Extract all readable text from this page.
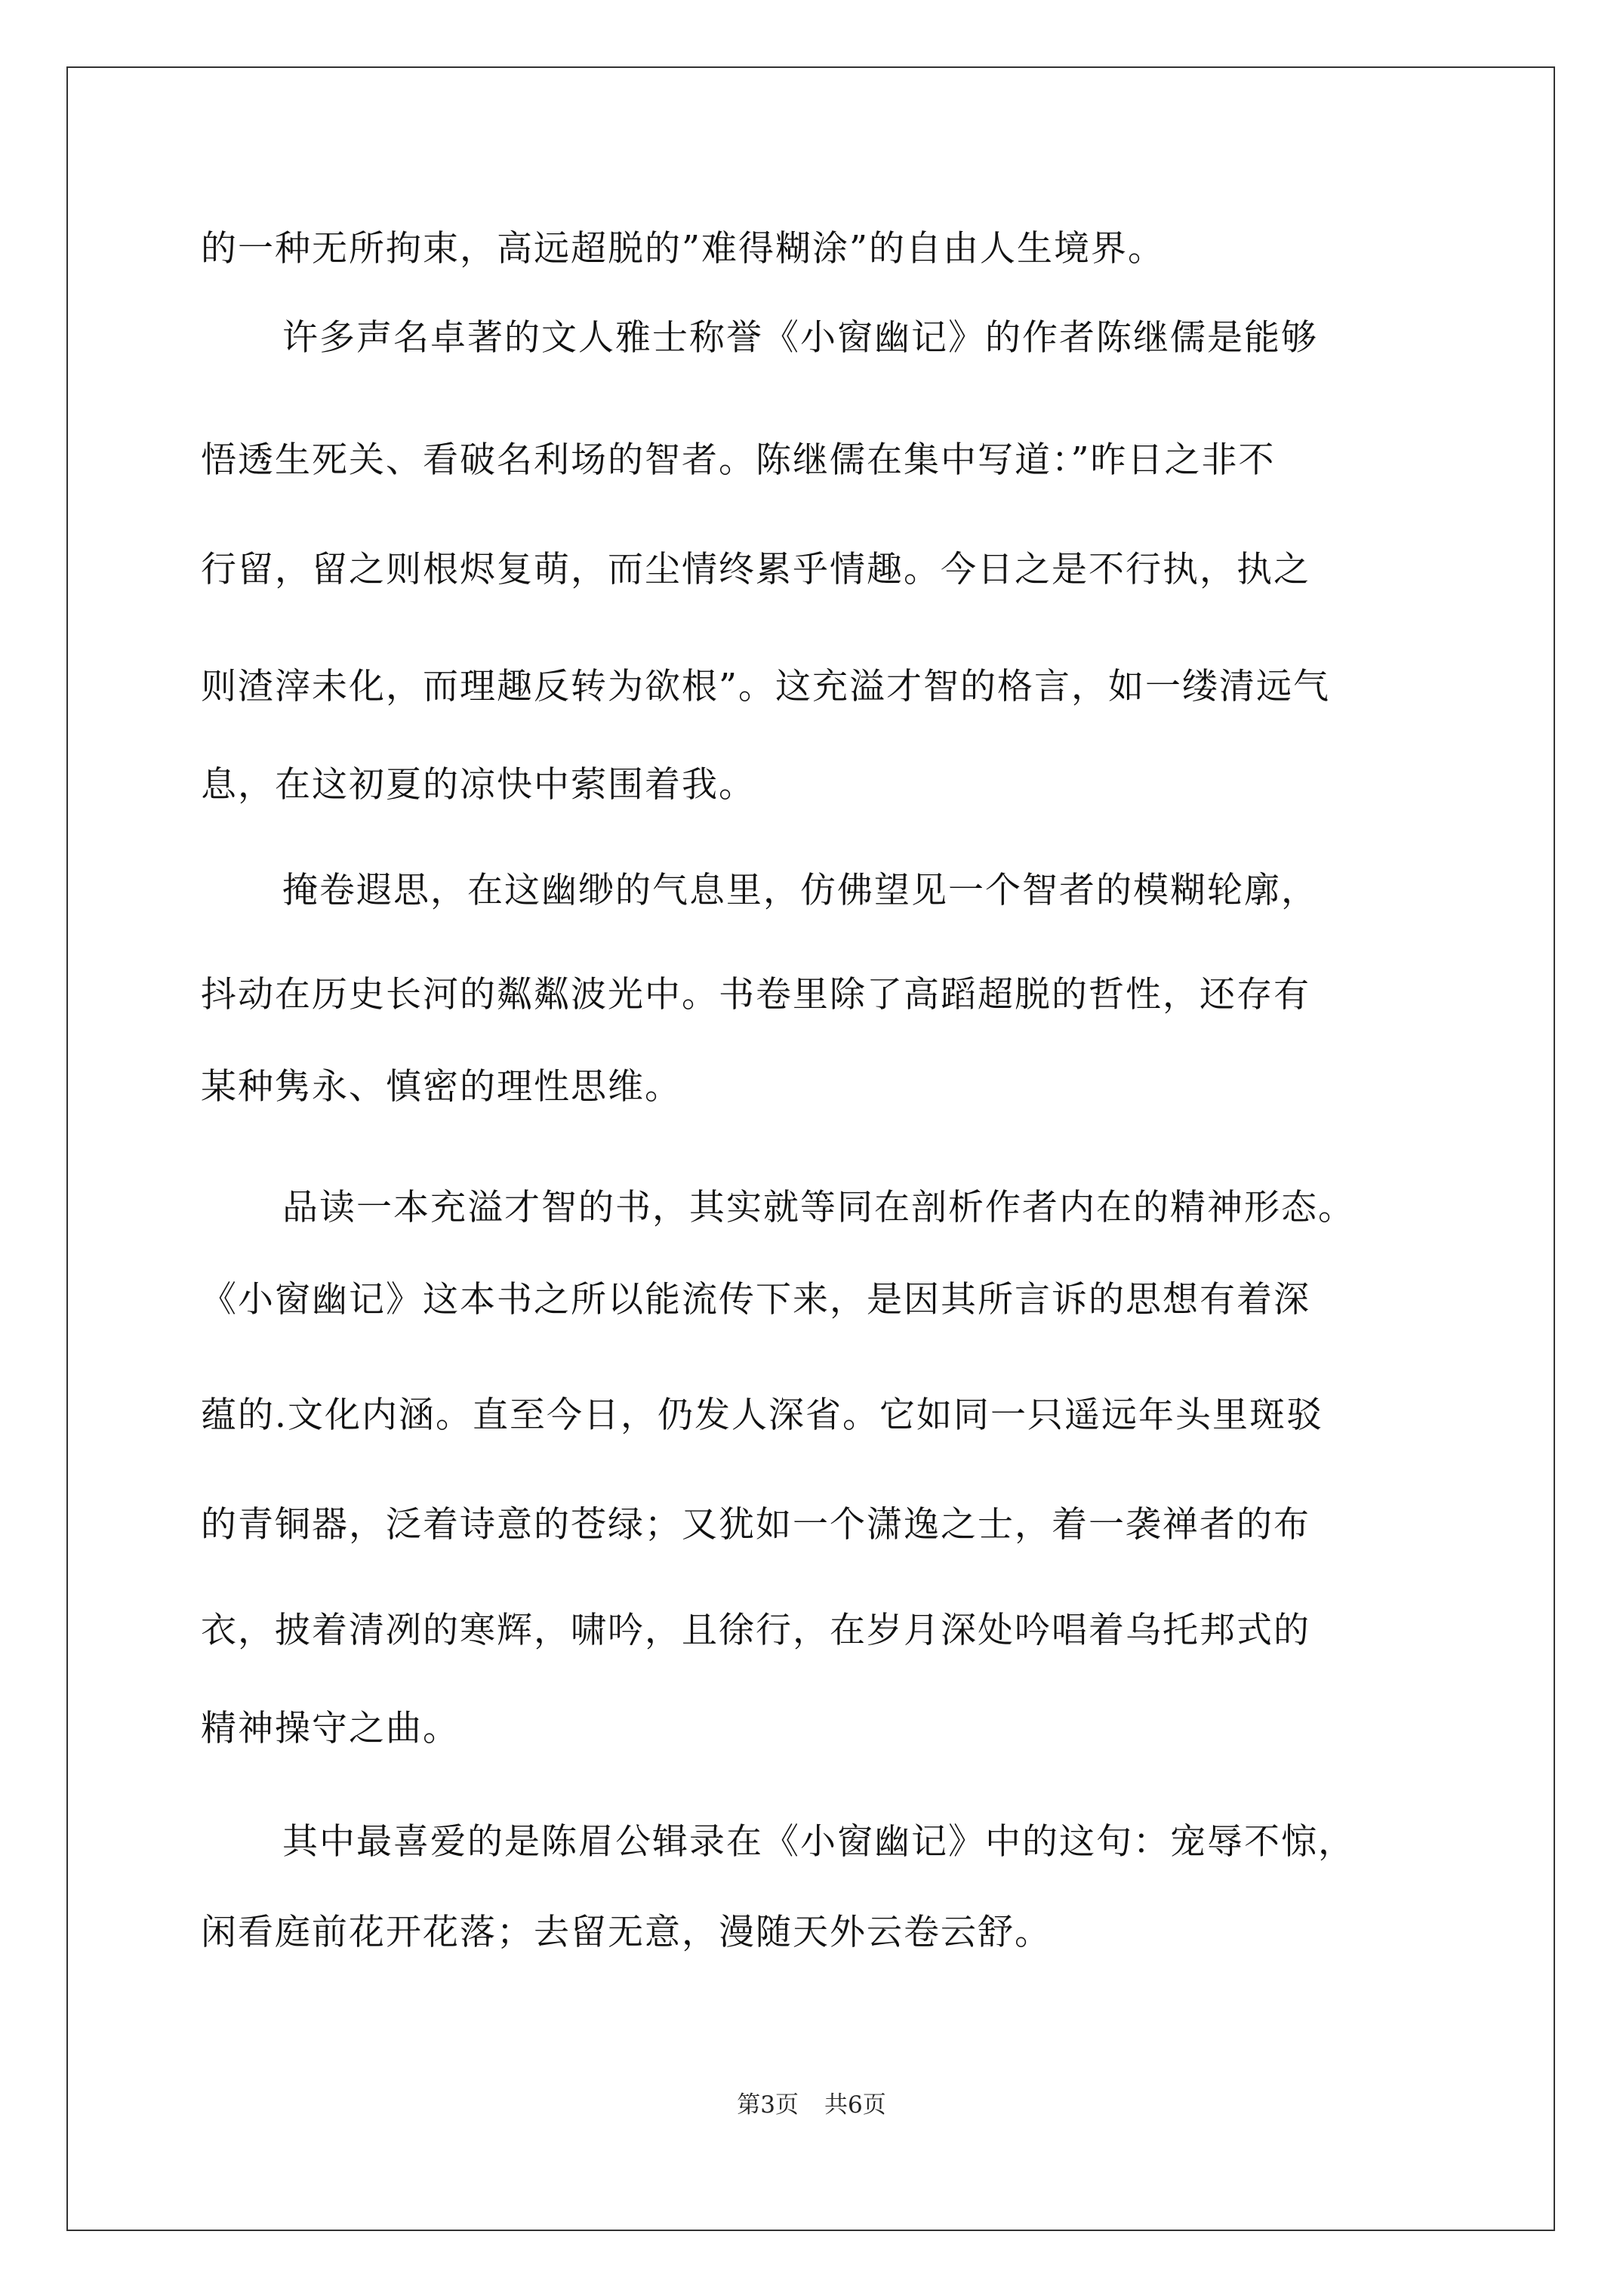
的一种无所拘束，高远超脱的”难得糊涂”的自由人生境界。
许多声名卓著的文人雅士称誉《小窗幽记》的作者陈继儒是能够
悟透生死关、看破名利场的智者。陈继儒在集中写道：”昨日之非不
行留，留之则根烬复萌，而尘情终累乎情趣。今日之是不行执，执之
则渣滓未化，而理趣反转为欲根”。这充溢才智的格言，如一缕清远气
息，在这初夏的凉快中萦围着我。
掩卷遐思，在这幽缈的气息里，仿佛望见一个智者的模糊轮廓，
抖动在历史长河的粼粼波光中。书卷里除了高蹈超脱的哲性，还存有
某种隽永、慎密的理性思维。
品读一本充溢才智的书，其实就等同在剖析作者内在的精神形态。
《小窗幽记》这本书之所以能流传下来，是因其所言诉的思想有着深
蕴的.文化内涵。直至今日，仍发人深省。它如同一只遥远年头里斑驳
的青铜器，泛着诗意的苍绿；又犹如一个潇逸之士，着一袭禅者的布
衣，披着清冽的寒辉，啸吟，且徐行，在岁月深处吟唱着乌托邦式的
精神操守之曲。
其中最喜爱的是陈眉公辑录在《小窗幽记》中的这句：宠辱不惊，
闲看庭前花开花落；去留无意，漫随天外云卷云舒。
第3页 共6页
